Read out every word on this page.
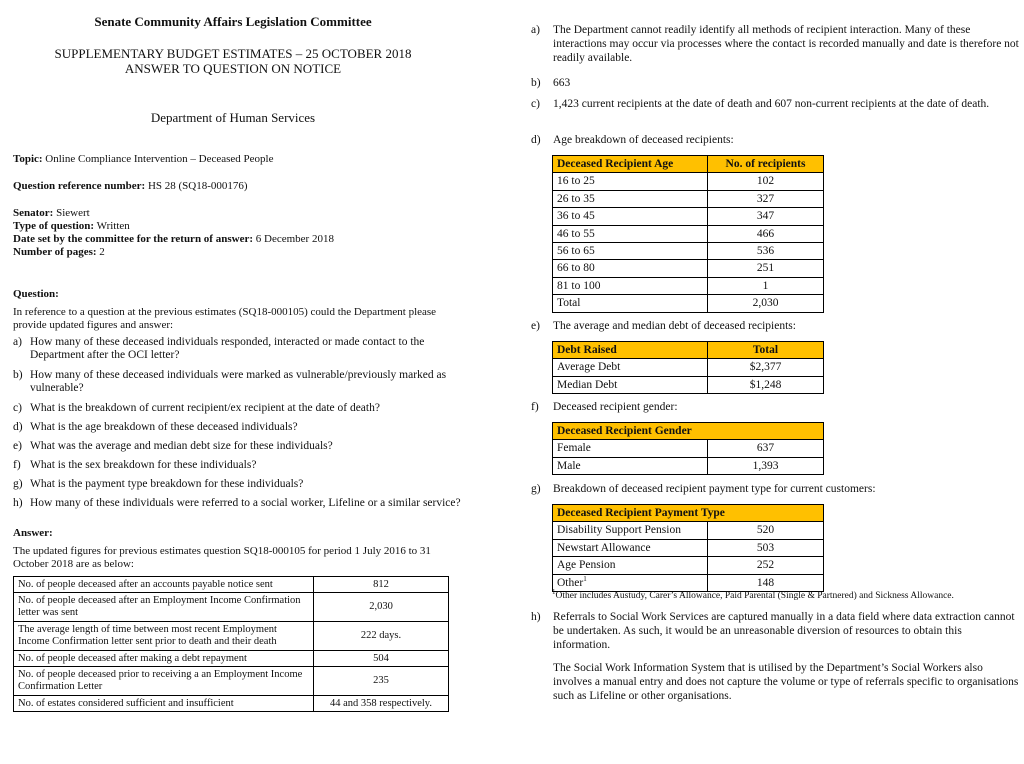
Senate Community Affairs Legislation Committee
SUPPLEMENTARY BUDGET ESTIMATES – 25 OCTOBER 2018
ANSWER TO QUESTION ON NOTICE
Department of Human Services
Topic: Online Compliance Intervention – Deceased People
Question reference number: HS 28 (SQ18-000176)
Senator: Siewert
Type of question: Written
Date set by the committee for the return of answer: 6 December 2018
Number of pages: 2
Question:
In reference to a question at the previous estimates (SQ18-000105) could the Department please provide updated figures and answer:
a) How many of these deceased individuals responded, interacted or made contact to the Department after the OCI letter?
b) How many of these deceased individuals were marked as vulnerable/previously marked as vulnerable?
c) What is the breakdown of current recipient/ex recipient at the date of death?
d) What is the age breakdown of these deceased individuals?
e) What was the average and median debt size for these individuals?
f) What is the sex breakdown for these individuals?
g) What is the payment type breakdown for these individuals?
h) How many of these individuals were referred to a social worker, Lifeline or a similar service?
Answer:
The updated figures for previous estimates question SQ18-000105 for period 1 July 2016 to 31 October 2018 are as below:
No. of people deceased after an accounts payable notice sent	812
No. of people deceased after an Employment Income Confirmation letter was sent	2,030
The average length of time between most recent Employment Income Confirmation letter sent prior to death and their death	222 days.
No. of people deceased after making a debt repayment	504
No. of people deceased prior to receiving a an Employment Income Confirmation Letter	235
No. of estates considered sufficient and insufficient	44 and 358 respectively.
a)	The Department cannot readily identify all methods of recipient interaction. Many of these interactions may occur via processes where the contact is recorded manually and date is therefore not readily available.
b)	663
c)	1,423 current recipients at the date of death and 607 non-current recipients at the date of death.
d)	Age breakdown of deceased recipients:
Deceased Recipient Age	No. of recipients
16 to 25	102
26 to 35	327
36 to 45	347
46 to 55	466
56 to 65	536
66 to 80	251
81 to 100	1
Total	2,030
e)	The average and median debt of deceased recipients:
Debt Raised	Total
Average Debt	$2,377
Median Debt	$1,248
f)	Deceased recipient gender:
Deceased Recipient Gender	
Female	637
Male	1,393
g)	Breakdown of deceased recipient payment type for current customers:
Deceased Recipient Payment Type	
Disability Support Pension	520
Newstart Allowance	503
Age Pension	252
Other$^1$	148
$^1$Other includes Austudy, Carer’s Allowance, Paid Parental (Single & Partnered) and Sickness Allowance.
h)	Referrals to Social Work Services are captured manually in a data field where data extraction cannot be undertaken. As such, it would be an unreasonable diversion of resources to obtain this information.
The Social Work Information System that is utilised by the Department’s Social Workers also involves a manual entry and does not capture the volume or type of referrals specific to organisations such as Lifeline or other organisations.
